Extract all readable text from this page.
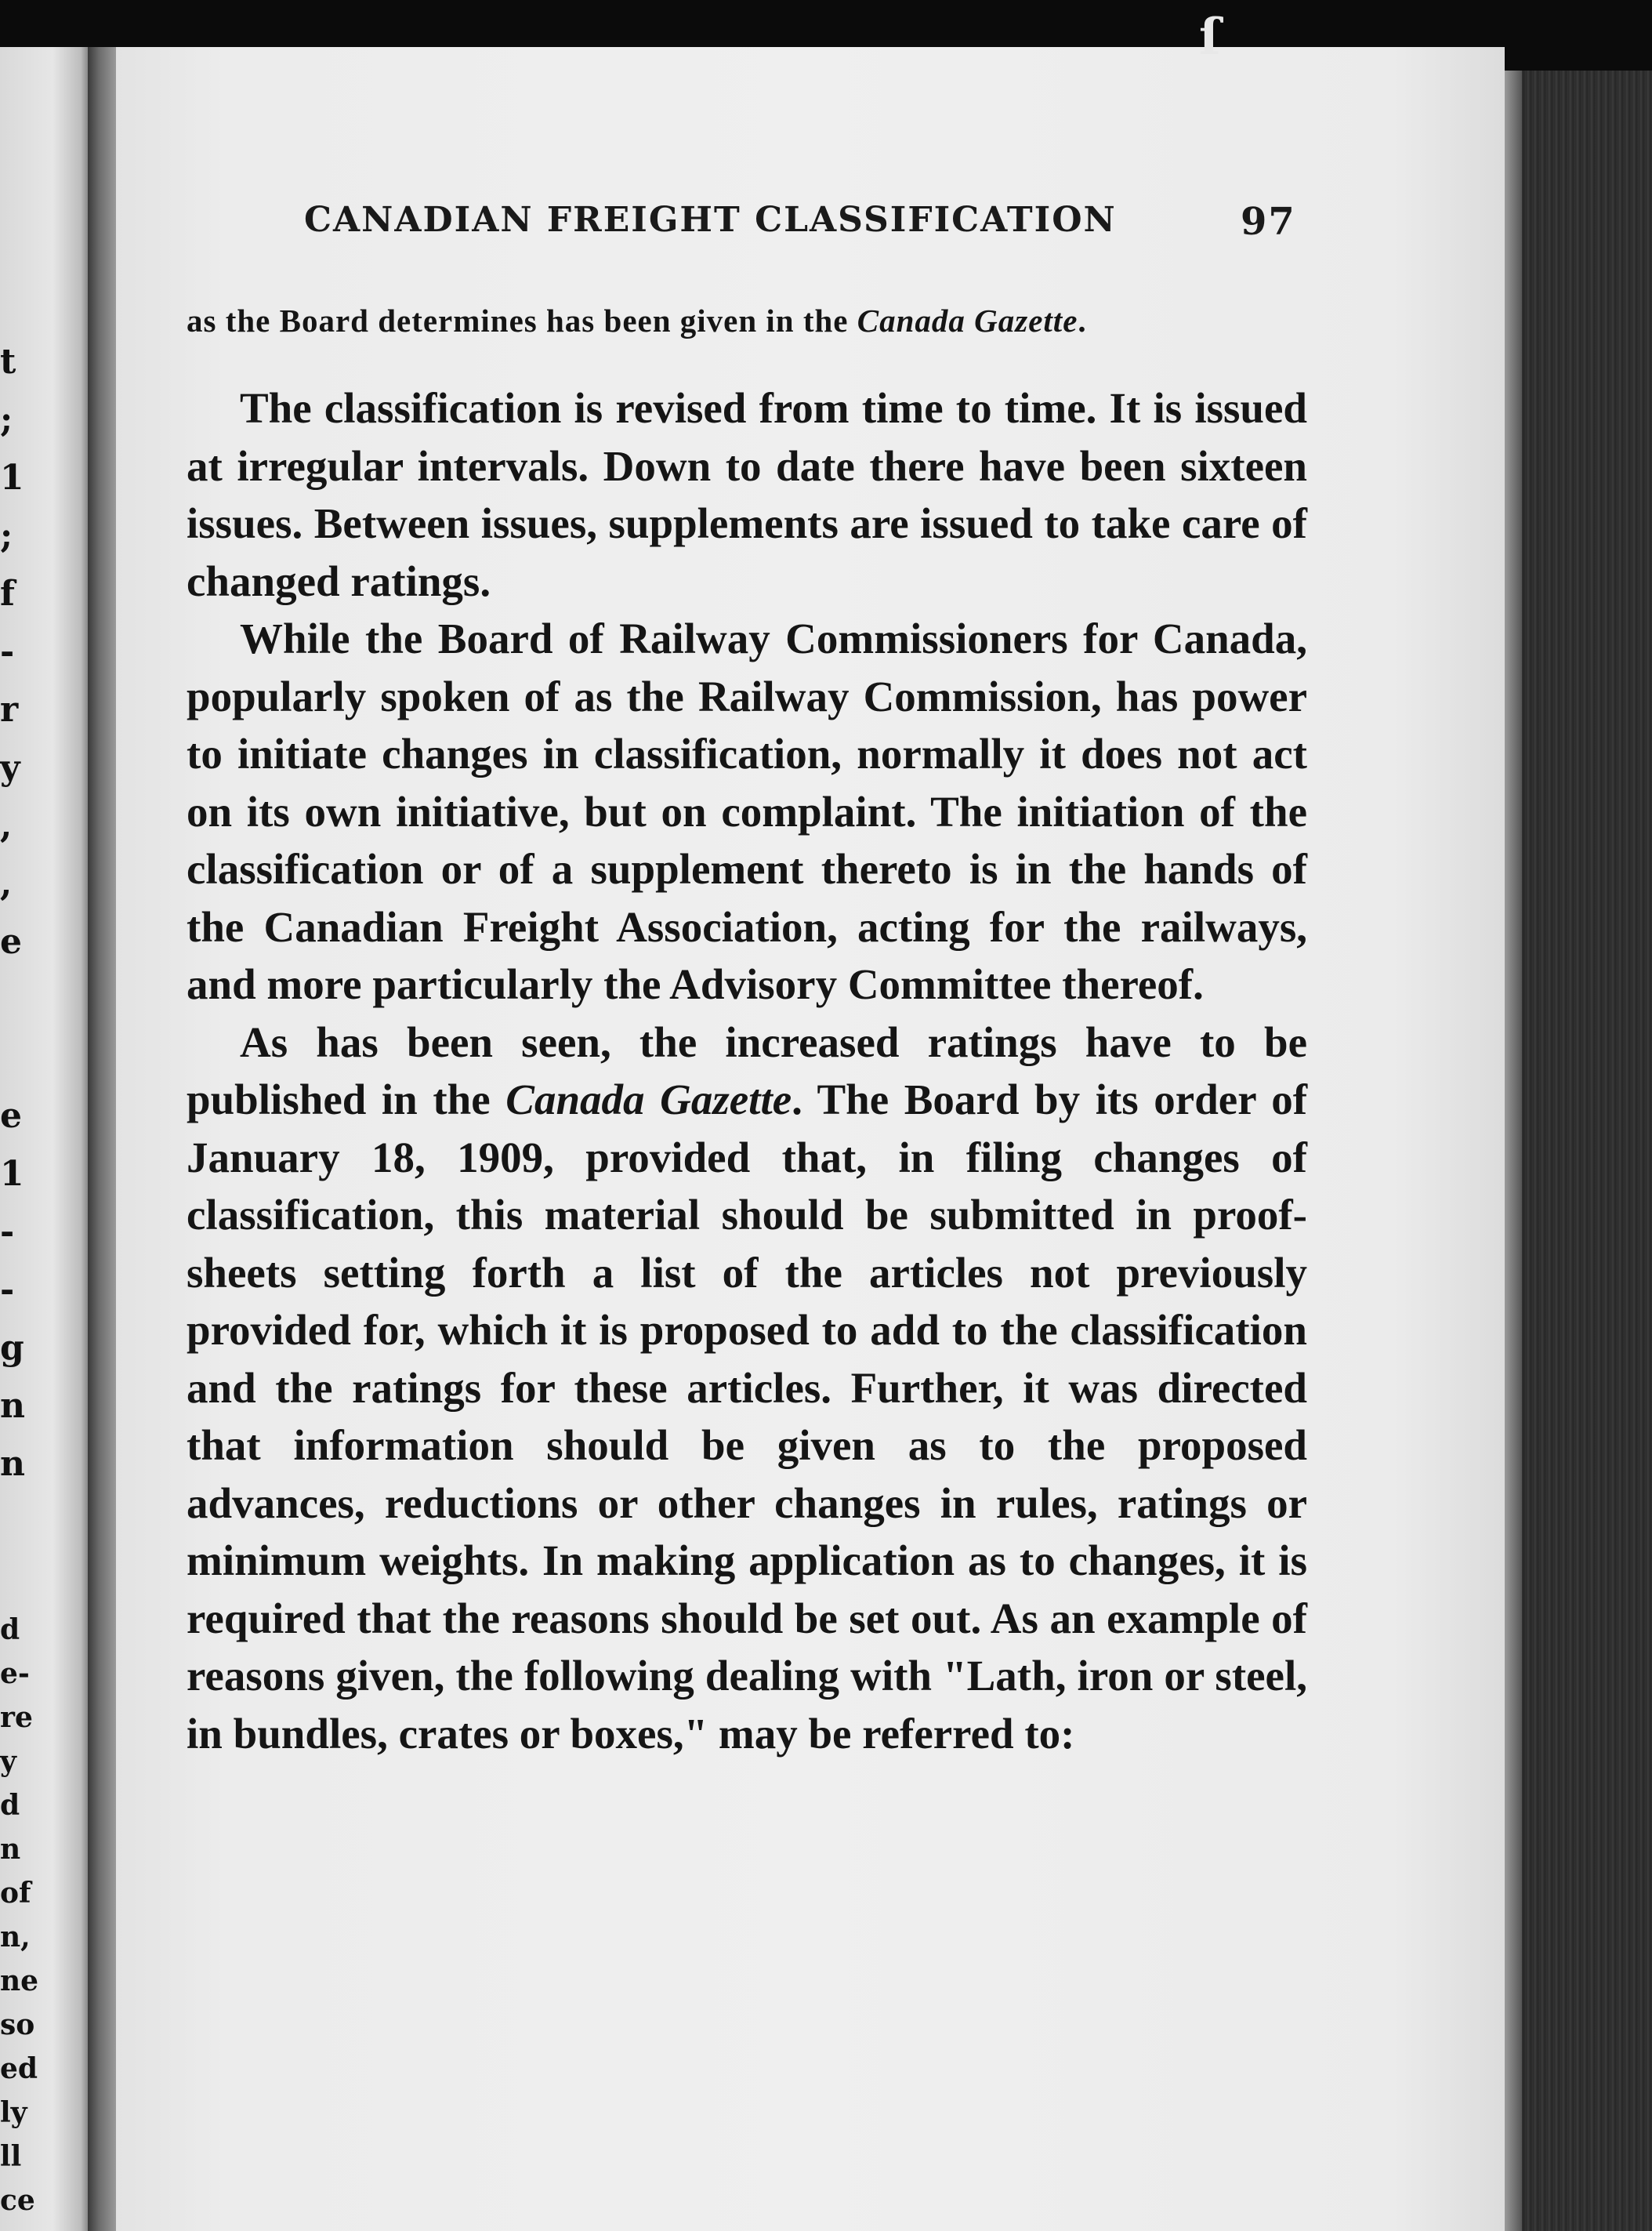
t
;
1
;
f
-
r
y
,
,
e
e
1
-
-
g
n
n
d
e-
re
y
d
n
of
n,
ne
so
ed
ly
ll
ce
ſ
CANADIAN FREIGHT CLASSIFICATION	97

as the Board determines has been given in the Canada Gazette.

The classification is revised from time to time. It is issued at irregular intervals. Down to date there have been sixteen issues. Between issues, supplements are issued to take care of changed ratings.

While the Board of Railway Commissioners for Canada, popularly spoken of as the Railway Commission, has power to initiate changes in classification, normally it does not act on its own initiative, but on complaint. The initiation of the classification or of a supplement thereto is in the hands of the Canadian Freight Association, acting for the railways, and more particularly the Advisory Committee thereof.

As has been seen, the increased ratings have to be published in the Canada Gazette. The Board by its order of January 18, 1909, provided that, in filing changes of classification, this material should be submitted in proof-sheets setting forth a list of the articles not previously provided for, which it is proposed to add to the classification and the ratings for these articles. Further, it was directed that information should be given as to the proposed advances, reductions or other changes in rules, ratings or minimum weights. In making application as to changes, it is required that the reasons should be set out. As an example of reasons given, the following dealing with "Lath, iron or steel, in bundles, crates or boxes," may be referred to:
